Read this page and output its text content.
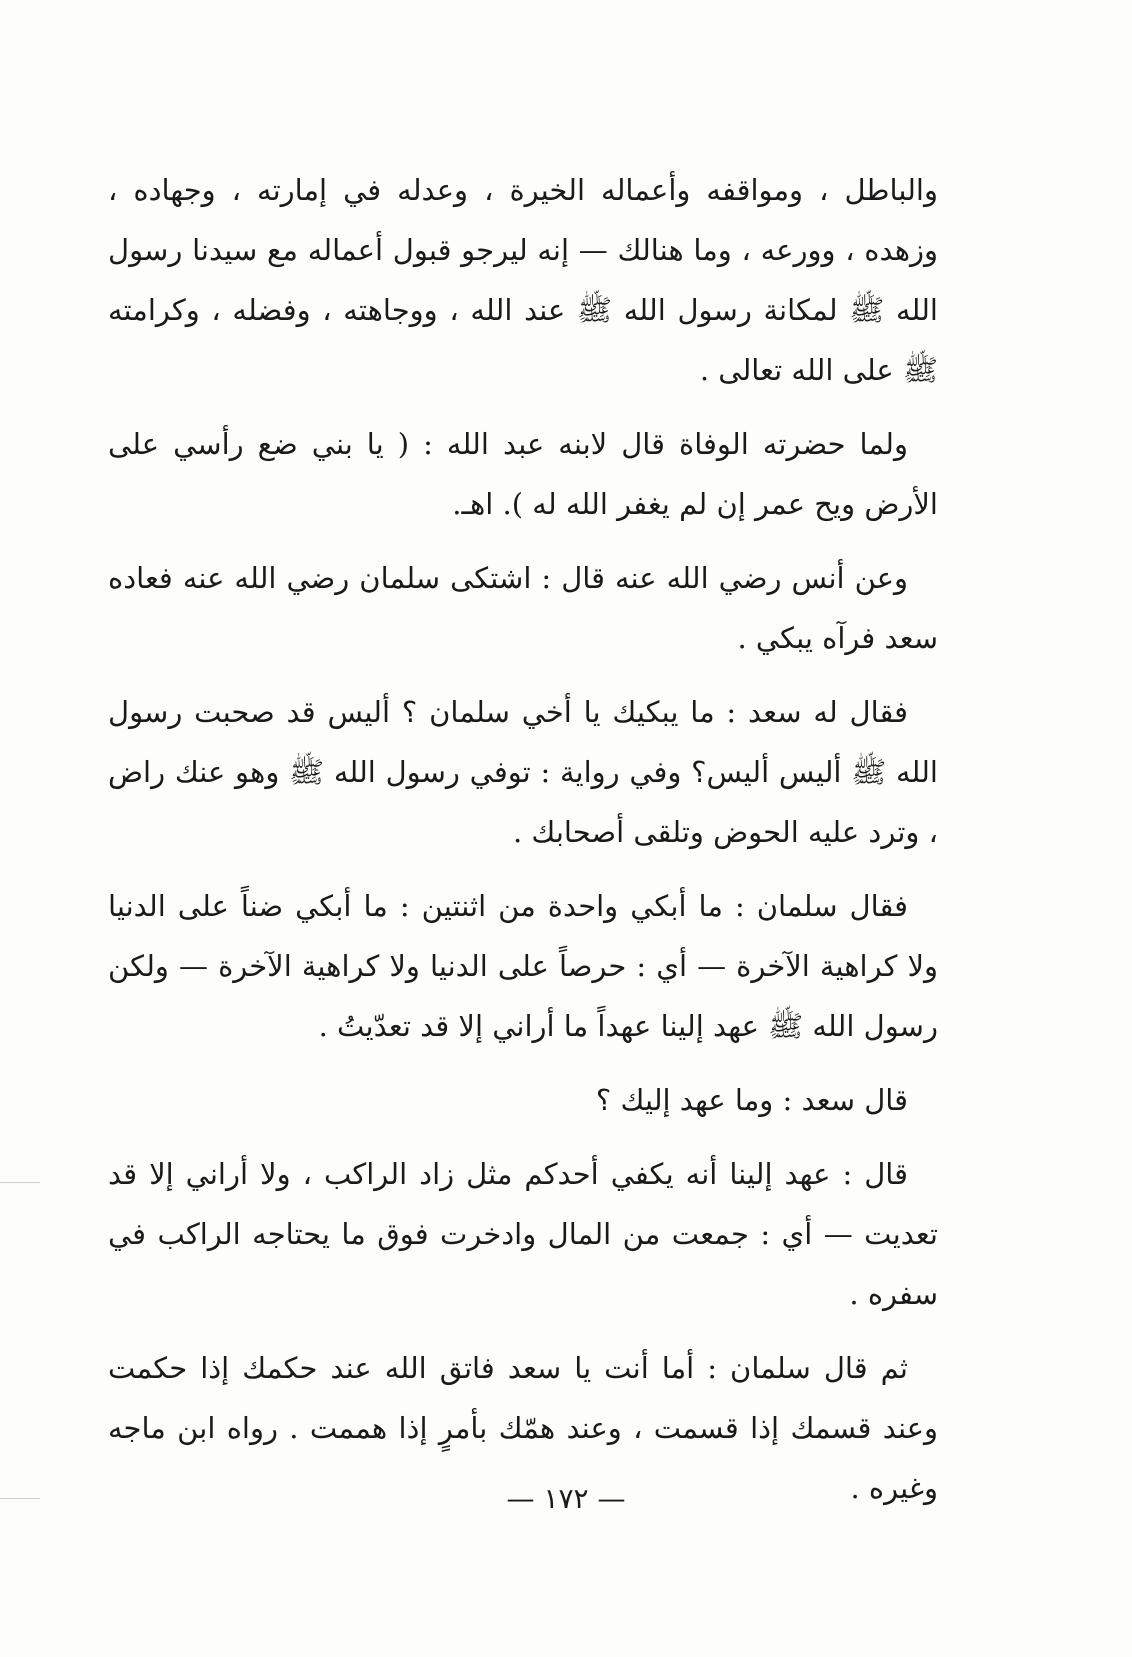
والباطل ، ومواقفه وأعماله الخيرة ، وعدله في إمارته ، وجهاده ، وزهده ، وورعه ، وما هنالك — إنه ليرجو قبول أعماله مع سيدنا رسول الله ﷺ لمكانة رسول الله ﷺ عند الله ، ووجاهته ، وفضله ، وكرامته ﷺ على الله تعالى .

ولما حضرته الوفاة قال لابنه عبد الله : ( يا بني ضع رأسي على الأرض ويح عمر إن لم يغفر الله له ). اهـ.

وعن أنس رضي الله عنه قال : اشتكى سلمان رضي الله عنه فعاده سعد فرآه يبكي .

فقال له سعد : ما يبكيك يا أخي سلمان ؟ أليس قد صحبت رسول الله ﷺ أليس أليس؟ وفي رواية : توفي رسول الله ﷺ وهو عنك راض ، وترد عليه الحوض وتلقى أصحابك .

فقال سلمان : ما أبكي واحدة من اثنتين : ما أبكي ضناً على الدنيا ولا كراهية الآخرة — أي : حرصاً على الدنيا ولا كراهية الآخرة — ولكن رسول الله ﷺ عهد إلينا عهداً ما أراني إلا قد تعدّيتُ .

قال سعد : وما عهد إليك ؟

قال : عهد إلينا أنه يكفي أحدكم مثل زاد الراكب ، ولا أراني إلا قد تعديت — أي : جمعت من المال وادخرت فوق ما يحتاجه الراكب في سفره .

ثم قال سلمان : أما أنت يا سعد فاتق الله عند حكمك إذا حكمت وعند قسمك إذا قسمت ، وعند همّك بأمرٍ إذا هممت . رواه ابن ماجه وغيره .

— ١٧٢ —
